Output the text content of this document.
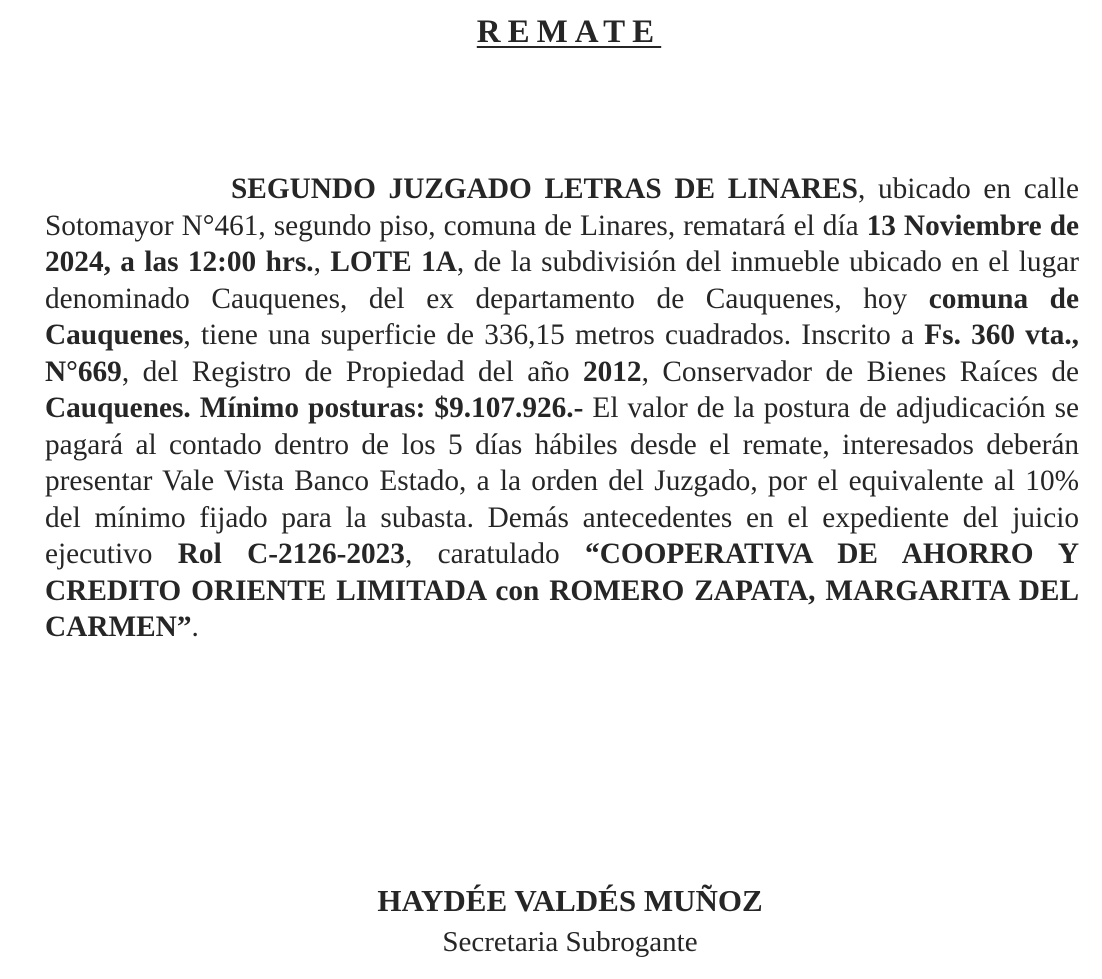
REMATE

SEGUNDO JUZGADO LETRAS DE LINARES, ubicado en calle Sotomayor N°461, segundo piso, comuna de Linares, rematará el día 13 Noviembre de 2024, a las 12:00 hrs., LOTE 1A, de la subdivisión del inmueble ubicado en el lugar denominado Cauquenes, del ex departamento de Cauquenes, hoy comuna de Cauquenes, tiene una superficie de 336,15 metros cuadrados. Inscrito a Fs. 360 vta., N°669, del Registro de Propiedad del año 2012, Conservador de Bienes Raíces de Cauquenes. Mínimo posturas: $9.107.926.- El valor de la postura de adjudicación se pagará al contado dentro de los 5 días hábiles desde el remate, interesados deberán presentar Vale Vista Banco Estado, a la orden del Juzgado, por el equivalente al 10% del mínimo fijado para la subasta. Demás antecedentes en el expediente del juicio ejecutivo Rol C-2126-2023, caratulado “COOPERATIVA DE AHORRO Y CREDITO ORIENTE LIMITADA con ROMERO ZAPATA, MARGARITA DEL CARMEN”.

HAYDÉE VALDÉS MUÑOZ

Secretaria Subrogante
